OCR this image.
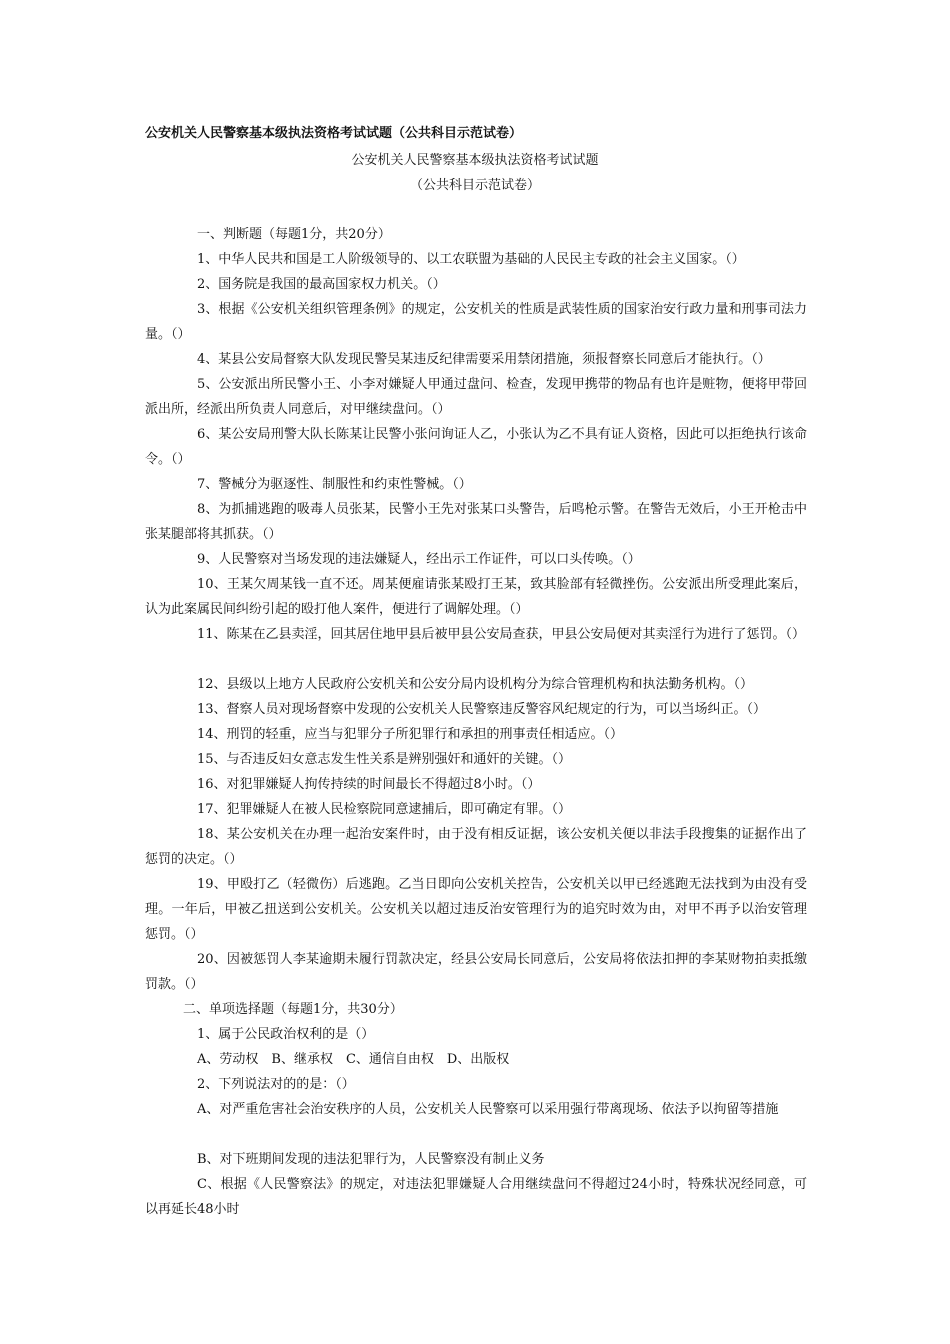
公安机关人民警察基本级执法资格考试试题（公共科目示范试卷）
公安机关人民警察基本级执法资格考试试题
（公共科目示范试卷）
一、判断题（每题1分，共20分）
1、中华人民共和国是工人阶级领导的、以工农联盟为基础的人民民主专政的社会主义国家。（）
2、国务院是我国的最高国家权力机关。（）
3、根据《公安机关组织管理条例》的规定，公安机关的性质是武装性质的国家治安行政力量和刑事司法力量。（）
4、某县公安局督察大队发现民警吴某违反纪律需要采用禁闭措施，须报督察长同意后才能执行。（）
5、公安派出所民警小王、小李对嫌疑人甲通过盘问、检查，发现甲携带的物品有也许是赃物，便将甲带回派出所，经派出所负责人同意后，对甲继续盘问。（）
6、某公安局刑警大队长陈某让民警小张问询证人乙，小张认为乙不具有证人资格，因此可以拒绝执行该命令。（）
7、警械分为驱逐性、制服性和约束性警械。（）
8、为抓捕逃跑的吸毒人员张某，民警小王先对张某口头警告，后鸣枪示警。在警告无效后，小王开枪击中张某腿部将其抓获。（）
9、人民警察对当场发现的违法嫌疑人，经出示工作证件，可以口头传唤。（）
10、王某欠周某钱一直不还。周某便雇请张某殴打王某，致其脸部有轻微挫伤。公安派出所受理此案后，认为此案属民间纠纷引起的殴打他人案件，便进行了调解处理。（）
11、陈某在乙县卖淫，回其居住地甲县后被甲县公安局查获，甲县公安局便对其卖淫行为进行了惩罚。（）
12、县级以上地方人民政府公安机关和公安分局内设机构分为综合管理机构和执法勤务机构。（）
13、督察人员对现场督察中发现的公安机关人民警察违反警容风纪规定的行为，可以当场纠正。（）
14、刑罚的轻重，应当与犯罪分子所犯罪行和承担的刑事责任相适应。（）
15、与否违反妇女意志发生性关系是辨别强奸和通奸的关键。（）
16、对犯罪嫌疑人拘传持续的时间最长不得超过8小时。（）
17、犯罪嫌疑人在被人民检察院同意逮捕后，即可确定有罪。（）
18、某公安机关在办理一起治安案件时，由于没有相反证据，该公安机关便以非法手段搜集的证据作出了惩罚的决定。（）
19、甲殴打乙（轻微伤）后逃跑。乙当日即向公安机关控告，公安机关以甲已经逃跑无法找到为由没有受理。一年后，甲被乙扭送到公安机关。公安机关以超过违反治安管理行为的追究时效为由，对甲不再予以治安管理惩罚。（）
20、因被惩罚人李某逾期未履行罚款决定，经县公安局长同意后，公安局将依法扣押的李某财物拍卖抵缴罚款。（）
二、单项选择题（每题1分，共30分）
1、属于公民政治权利的是（）
A、劳动权　B、继承权　C、通信自由权　D、出版权
2、下列说法对的的是：（）
A、对严重危害社会治安秩序的人员，公安机关人民警察可以采用强行带离现场、依法予以拘留等措施
B、对下班期间发现的违法犯罪行为，人民警察没有制止义务
C、根据《人民警察法》的规定，对违法犯罪嫌疑人合用继续盘问不得超过24小时，特殊状况经同意，可以再延长48小时
